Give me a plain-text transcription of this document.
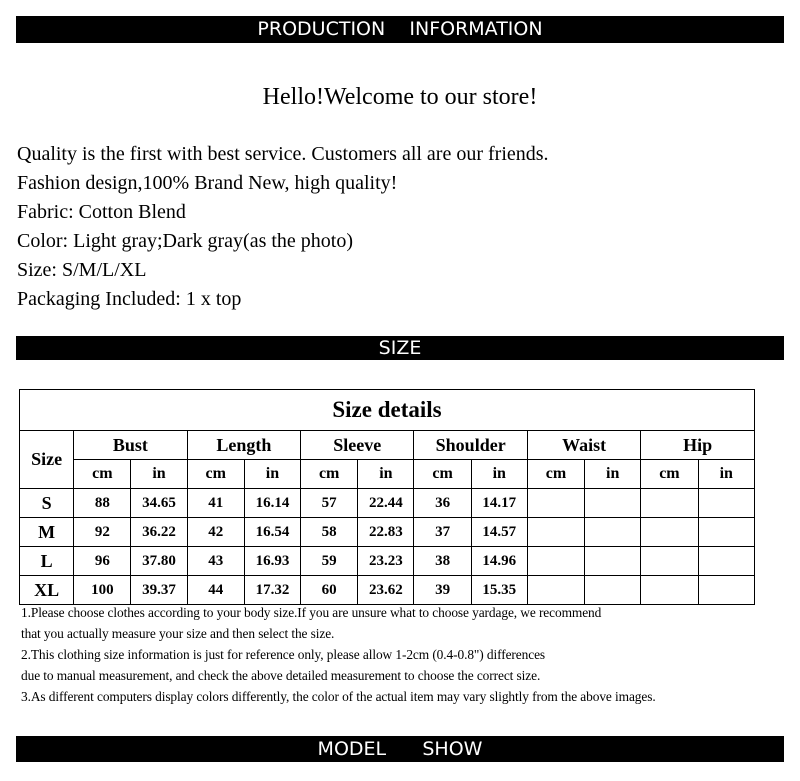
PRODUCTION    INFORMATION
Hello!Welcome to our store!
Quality is the first with best service. Customers all are our friends.
Fashion design,100% Brand New, high quality!
Fabric: Cotton Blend
Color: Light gray;Dark gray(as the photo)
Size: S/M/L/XL
Packaging Included: 1 x top
SIZE
Size details												
Size	Bust		Length		Sleeve		Shoulder		Waist		Hip	
	cm	in	cm	in	cm	in	cm	in	cm	in	cm	in
S	88	34.65	41	16.14	57	22.44	36	14.17				
M	92	36.22	42	16.54	58	22.83	37	14.57				
L	96	37.80	43	16.93	59	23.23	38	14.96				
XL	100	39.37	44	17.32	60	23.62	39	15.35				
1.Please choose clothes according to your body size.If you are unsure what to choose yardage, we recommend
that you actually measure your size and then select the size.
2.This clothing size information is just for reference only, please allow 1-2cm (0.4-0.8") differences
due to manual measurement, and check the above detailed measurement to choose the correct size.
3.As different computers display colors differently, the color of the actual item may vary slightly from the above images.
MODEL      SHOW
